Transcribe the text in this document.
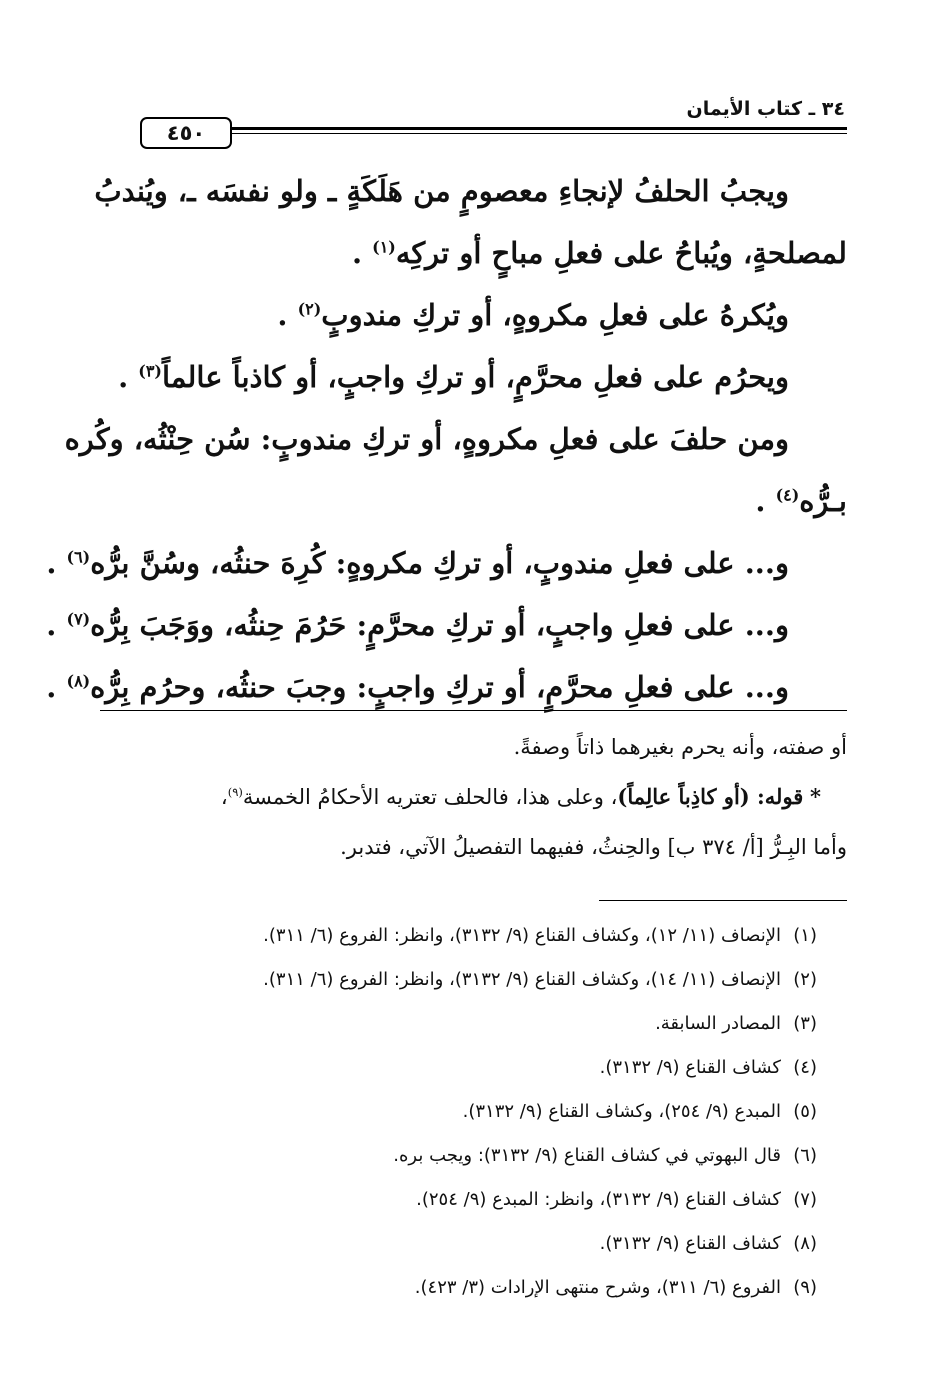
٣٤ ـ كتاب الأيمان
٤٥٠

ويجبُ الحلفُ لإنجاءِ معصومٍ من هَلَكَةٍ ـ ولو نفسَه ـ، ويُندبُ

لمصلحةٍ، ويُباحُ على فعلِ مباحٍ أو تركِه$^{(١)}$ .

ويُكرهُ على فعلِ مكروهٍ، أو تركِ مندوبٍ$^{(٢)}$ .

ويحرُم على فعلِ محرَّمٍ، أو تركِ واجبٍ، أو كاذباً عالماً$^{(٣)}$ .

ومن حلفَ على فعلِ مكروهٍ، أو تركِ مندوبٍ: سُن حِنْثُه، وكُره

بـرُّه$^{(٤)}$ .

و... على فعلِ مندوبٍ، أو تركِ مكروهٍ: كُرِهَ حنثُه، وسُنَّ برُّه$^{(٦)}$ .

و... على فعلِ واجبٍ، أو تركِ محرَّمٍ: حَرُمَ حِنثُه، ووَجَبَ بِرُّه$^{(٧)}$ .

و... على فعلِ محرَّمٍ، أو تركِ واجبٍ: وجبَ حنثُه، وحرُم بِرُّه$^{(٨)}$ .

أو صفته، وأنه يحرم بغيرهما ذاتاً وصفةً.

* قوله: (أو كاذِباً عالِماً)، وعلى هذا، فالحلف تعتريه الأحكامُ الخمسة$^{(٩)}$،

وأما البِـرُّ [أ/ ٣٧٤ ب] والحِنثُ، ففيهما التفصيلُ الآتي، فتدبر.

(١)
الإنصاف (١١/ ١٢)، وكشاف القناع (٩/ ٣١٣٢)، وانظر: الفروع (٦/ ٣١١).
(٢)
الإنصاف (١١/ ١٤)، وكشاف القناع (٩/ ٣١٣٢)، وانظر: الفروع (٦/ ٣١١).
(٣)
المصادر السابقة.
(٤)
كشاف القناع (٩/ ٣١٣٢).
(٥)
المبدع (٩/ ٢٥٤)، وكشاف القناع (٩/ ٣١٣٢).
(٦)
قال البهوتي في كشاف القناع (٩/ ٣١٣٢): ويجب بره.
(٧)
كشاف القناع (٩/ ٣١٣٢)، وانظر: المبدع (٩/ ٢٥٤).
(٨)
كشاف القناع (٩/ ٣١٣٢).
(٩)
الفروع (٦/ ٣١١)، وشرح منتهى الإرادات (٣/ ٤٢٣).
